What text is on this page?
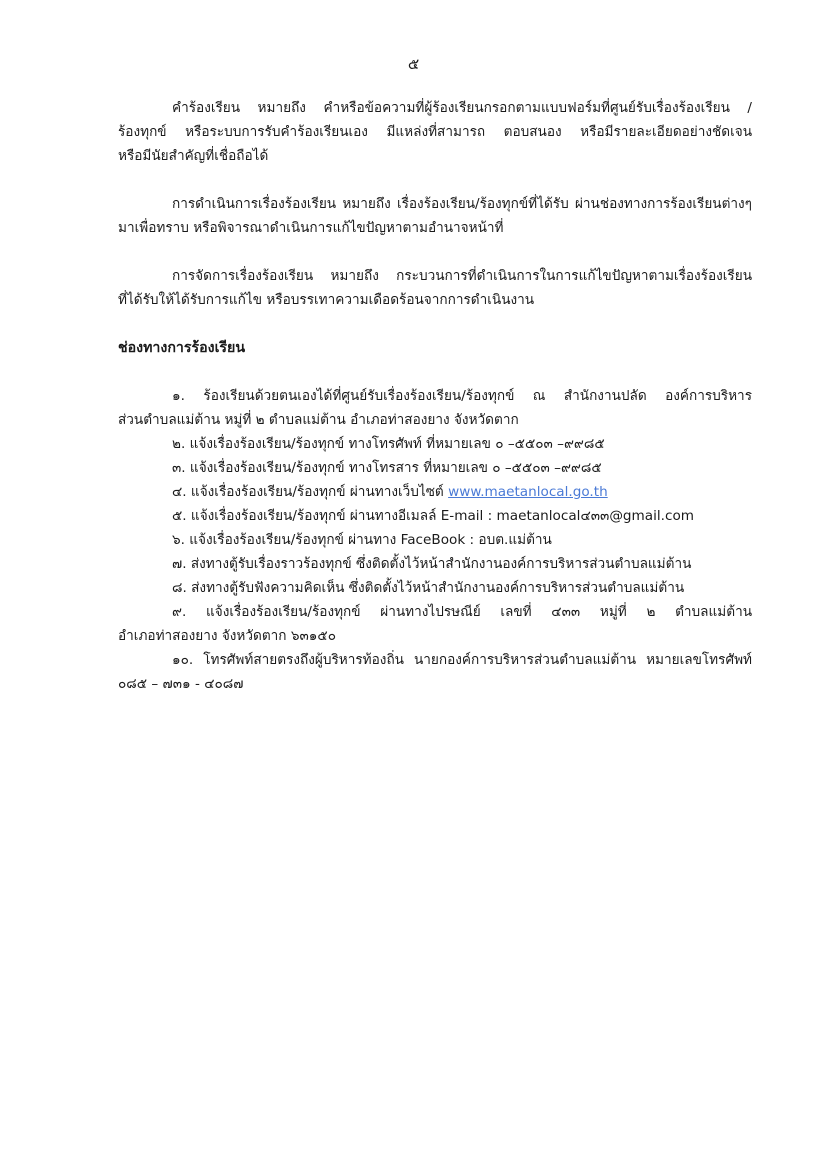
๕
คำร้องเรียน หมายถึง คำหรือข้อความที่ผู้ร้องเรียนกรอกตามแบบฟอร์มที่ศูนย์รับเรื่องร้องเรียน /
ร้องทุกข์ หรือระบบการรับคำร้องเรียนเอง มีแหล่งที่สามารถ ตอบสนอง หรือมีรายละเอียดอย่างชัดเจน
หรือมีนัยสำคัญที่เชื่อถือได้
การดำเนินการเรื่องร้องเรียน หมายถึง เรื่องร้องเรียน/ร้องทุกข์ที่ได้รับ ผ่านช่องทางการร้องเรียนต่างๆ
มาเพื่อทราบ หรือพิจารณาดำเนินการแก้ไขปัญหาตามอำนาจหน้าที่
การจัดการเรื่องร้องเรียน หมายถึง กระบวนการที่ดำเนินการในการแก้ไขปัญหาตามเรื่องร้องเรียน
ที่ได้รับให้ได้รับการแก้ไข หรือบรรเทาความเดือดร้อนจากการดำเนินงาน
ช่องทางการร้องเรียน
๑. ร้องเรียนด้วยตนเองได้ที่ศูนย์รับเรื่องร้องเรียน/ร้องทุกข์ ณ สำนักงานปลัด องค์การบริหาร
ส่วนตำบลแม่ต้าน หมู่ที่ ๒ ตำบลแม่ต้าน อำเภอท่าสองยาง จังหวัดตาก
๒. แจ้งเรื่องร้องเรียน/ร้องทุกข์ ทางโทรศัพท์ ที่หมายเลข ๐ –๕๕๐๓ –๙๙๘๕
๓. แจ้งเรื่องร้องเรียน/ร้องทุกข์ ทางโทรสาร ที่หมายเลข ๐ –๕๕๐๓ –๙๙๘๕
๔. แจ้งเรื่องร้องเรียน/ร้องทุกข์ ผ่านทางเว็บไซต์ www.maetanlocal.go.th
๕. แจ้งเรื่องร้องเรียน/ร้องทุกข์ ผ่านทางอีเมลล์ E-mail : maetanlocal๔๓๓@gmail.com
๖. แจ้งเรื่องร้องเรียน/ร้องทุกข์ ผ่านทาง FaceBook : อบต.แม่ต้าน
๗. ส่งทางตู้รับเรื่องราวร้องทุกข์ ซึ่งติดตั้งไว้หน้าสำนักงานองค์การบริหารส่วนตำบลแม่ต้าน
๘. ส่งทางตู้รับฟังความคิดเห็น ซึ่งติดตั้งไว้หน้าสำนักงานองค์การบริหารส่วนตำบลแม่ต้าน
๙. แจ้งเรื่องร้องเรียน/ร้องทุกข์ ผ่านทางไปรษณีย์ เลขที่ ๔๓๓ หมู่ที่ ๒ ตำบลแม่ต้าน
อำเภอท่าสองยาง จังหวัดตาก ๖๓๑๕๐
๑๐. โทรศัพท์สายตรงถึงผู้บริหารท้องถิ่น นายกองค์การบริหารส่วนตำบลแม่ต้าน หมายเลขโทรศัพท์
๐๘๕ – ๗๓๑ - ๔๐๘๗
